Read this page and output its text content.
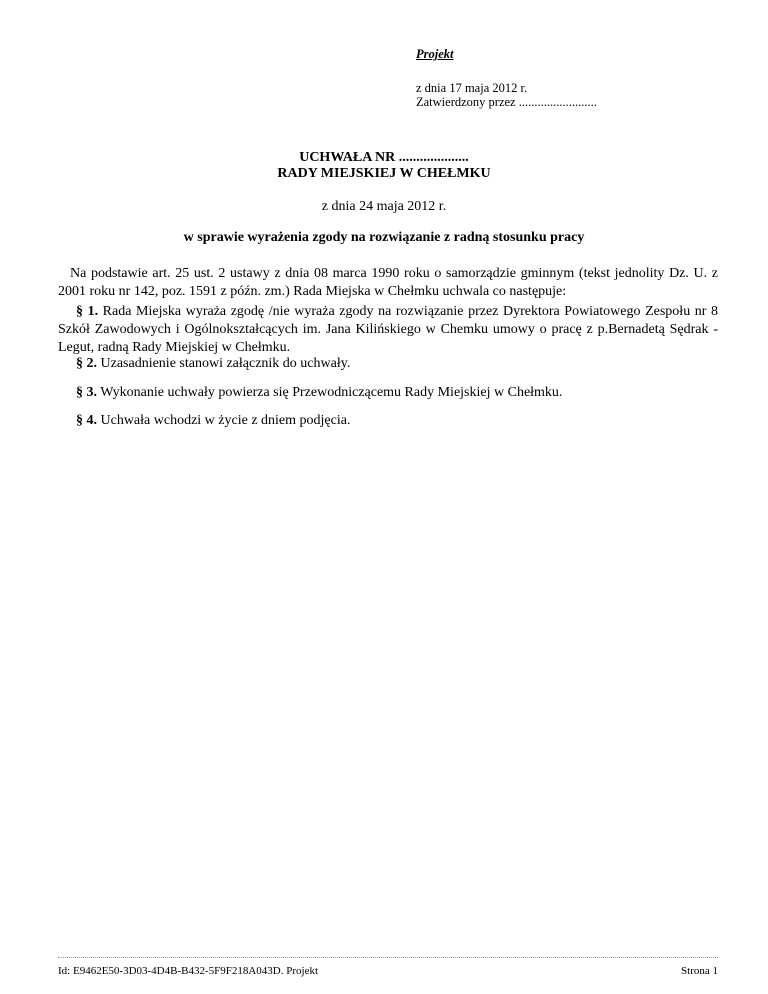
Projekt
z dnia 17 maja 2012 r.
Zatwierdzony przez .........................
UCHWAŁA NR ....................
RADY MIEJSKIEJ W CHEŁMKU
z dnia 24 maja 2012 r.
w sprawie wyrażenia zgody na rozwiązanie z radną stosunku pracy
Na podstawie art. 25 ust. 2 ustawy z dnia 08 marca 1990 roku o samorządzie gminnym (tekst jednolity Dz. U. z 2001 roku nr 142, poz. 1591 z późn. zm.) Rada Miejska w Chełmku uchwala co następuje:
§ 1. Rada Miejska wyraża zgodę /nie wyraża zgody na rozwiązanie przez Dyrektora Powiatowego Zespołu nr 8 Szkół Zawodowych i Ogólnokształcących im. Jana Kilińskiego w Chemku umowy o pracę z p.Bernadetą Sędrak - Legut, radną Rady Miejskiej w Chełmku.
§ 2. Uzasadnienie stanowi załącznik do uchwały.
§ 3. Wykonanie uchwały powierza się Przewodniczącemu Rady Miejskiej w Chełmku.
§ 4. Uchwała wchodzi w życie z dniem podjęcia.
Id: E9462E50-3D03-4D4B-B432-5F9F218A043D. Projekt	Strona 1
